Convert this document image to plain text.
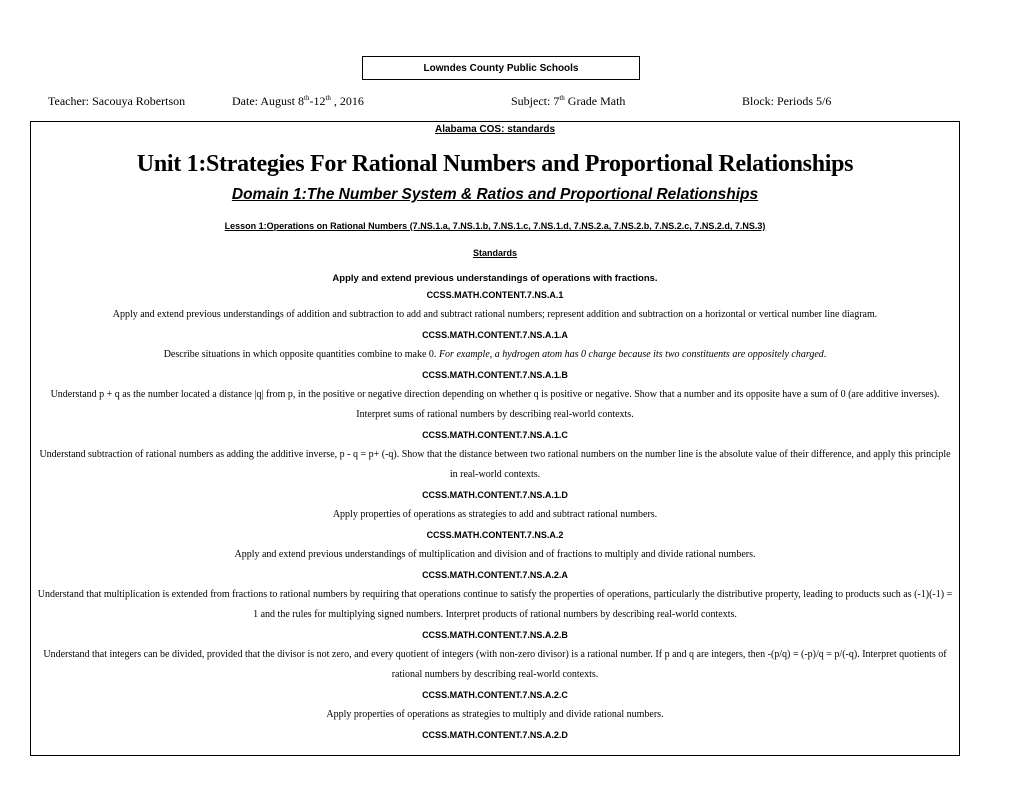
Lowndes County Public Schools
Teacher: Sacouya Robertson	Date: August 8th-12th , 2016	Subject: 7th Grade Math	Block: Periods 5/6
Alabama COS: standards
Unit 1:Strategies For Rational Numbers and Proportional Relationships
Domain 1:The Number System & Ratios and Proportional Relationships
Lesson 1:Operations on Rational Numbers (7.NS.1.a, 7.NS.1.b, 7.NS.1.c, 7.NS.1.d, 7.NS.2.a, 7.NS.2.b, 7.NS.2.c, 7.NS.2.d, 7.NS.3)
Standards
Apply and extend previous understandings of operations with fractions.
CCSS.MATH.CONTENT.7.NS.A.1
Apply and extend previous understandings of addition and subtraction to add and subtract rational numbers; represent addition and subtraction on a horizontal or vertical number line diagram.
CCSS.MATH.CONTENT.7.NS.A.1.A
Describe situations in which opposite quantities combine to make 0. For example, a hydrogen atom has 0 charge because its two constituents are oppositely charged.
CCSS.MATH.CONTENT.7.NS.A.1.B
Understand p + q as the number located a distance |q| from p, in the positive or negative direction depending on whether q is positive or negative. Show that a number and its opposite have a sum of 0 (are additive inverses). Interpret sums of rational numbers by describing real-world contexts.
CCSS.MATH.CONTENT.7.NS.A.1.C
Understand subtraction of rational numbers as adding the additive inverse, p - q = p+ (-q). Show that the distance between two rational numbers on the number line is the absolute value of their difference, and apply this principle in real-world contexts.
CCSS.MATH.CONTENT.7.NS.A.1.D
Apply properties of operations as strategies to add and subtract rational numbers.
CCSS.MATH.CONTENT.7.NS.A.2
Apply and extend previous understandings of multiplication and division and of fractions to multiply and divide rational numbers.
CCSS.MATH.CONTENT.7.NS.A.2.A
Understand that multiplication is extended from fractions to rational numbers by requiring that operations continue to satisfy the properties of operations, particularly the distributive property, leading to products such as (-1)(-1) = 1 and the rules for multiplying signed numbers. Interpret products of rational numbers by describing real-world contexts.
CCSS.MATH.CONTENT.7.NS.A.2.B
Understand that integers can be divided, provided that the divisor is not zero, and every quotient of integers (with non-zero divisor) is a rational number. If p and q are integers, then -(p/q) = (-p)/q = p/(-q). Interpret quotients of rational numbers by describing real-world contexts.
CCSS.MATH.CONTENT.7.NS.A.2.C
Apply properties of operations as strategies to multiply and divide rational numbers.
CCSS.MATH.CONTENT.7.NS.A.2.D
